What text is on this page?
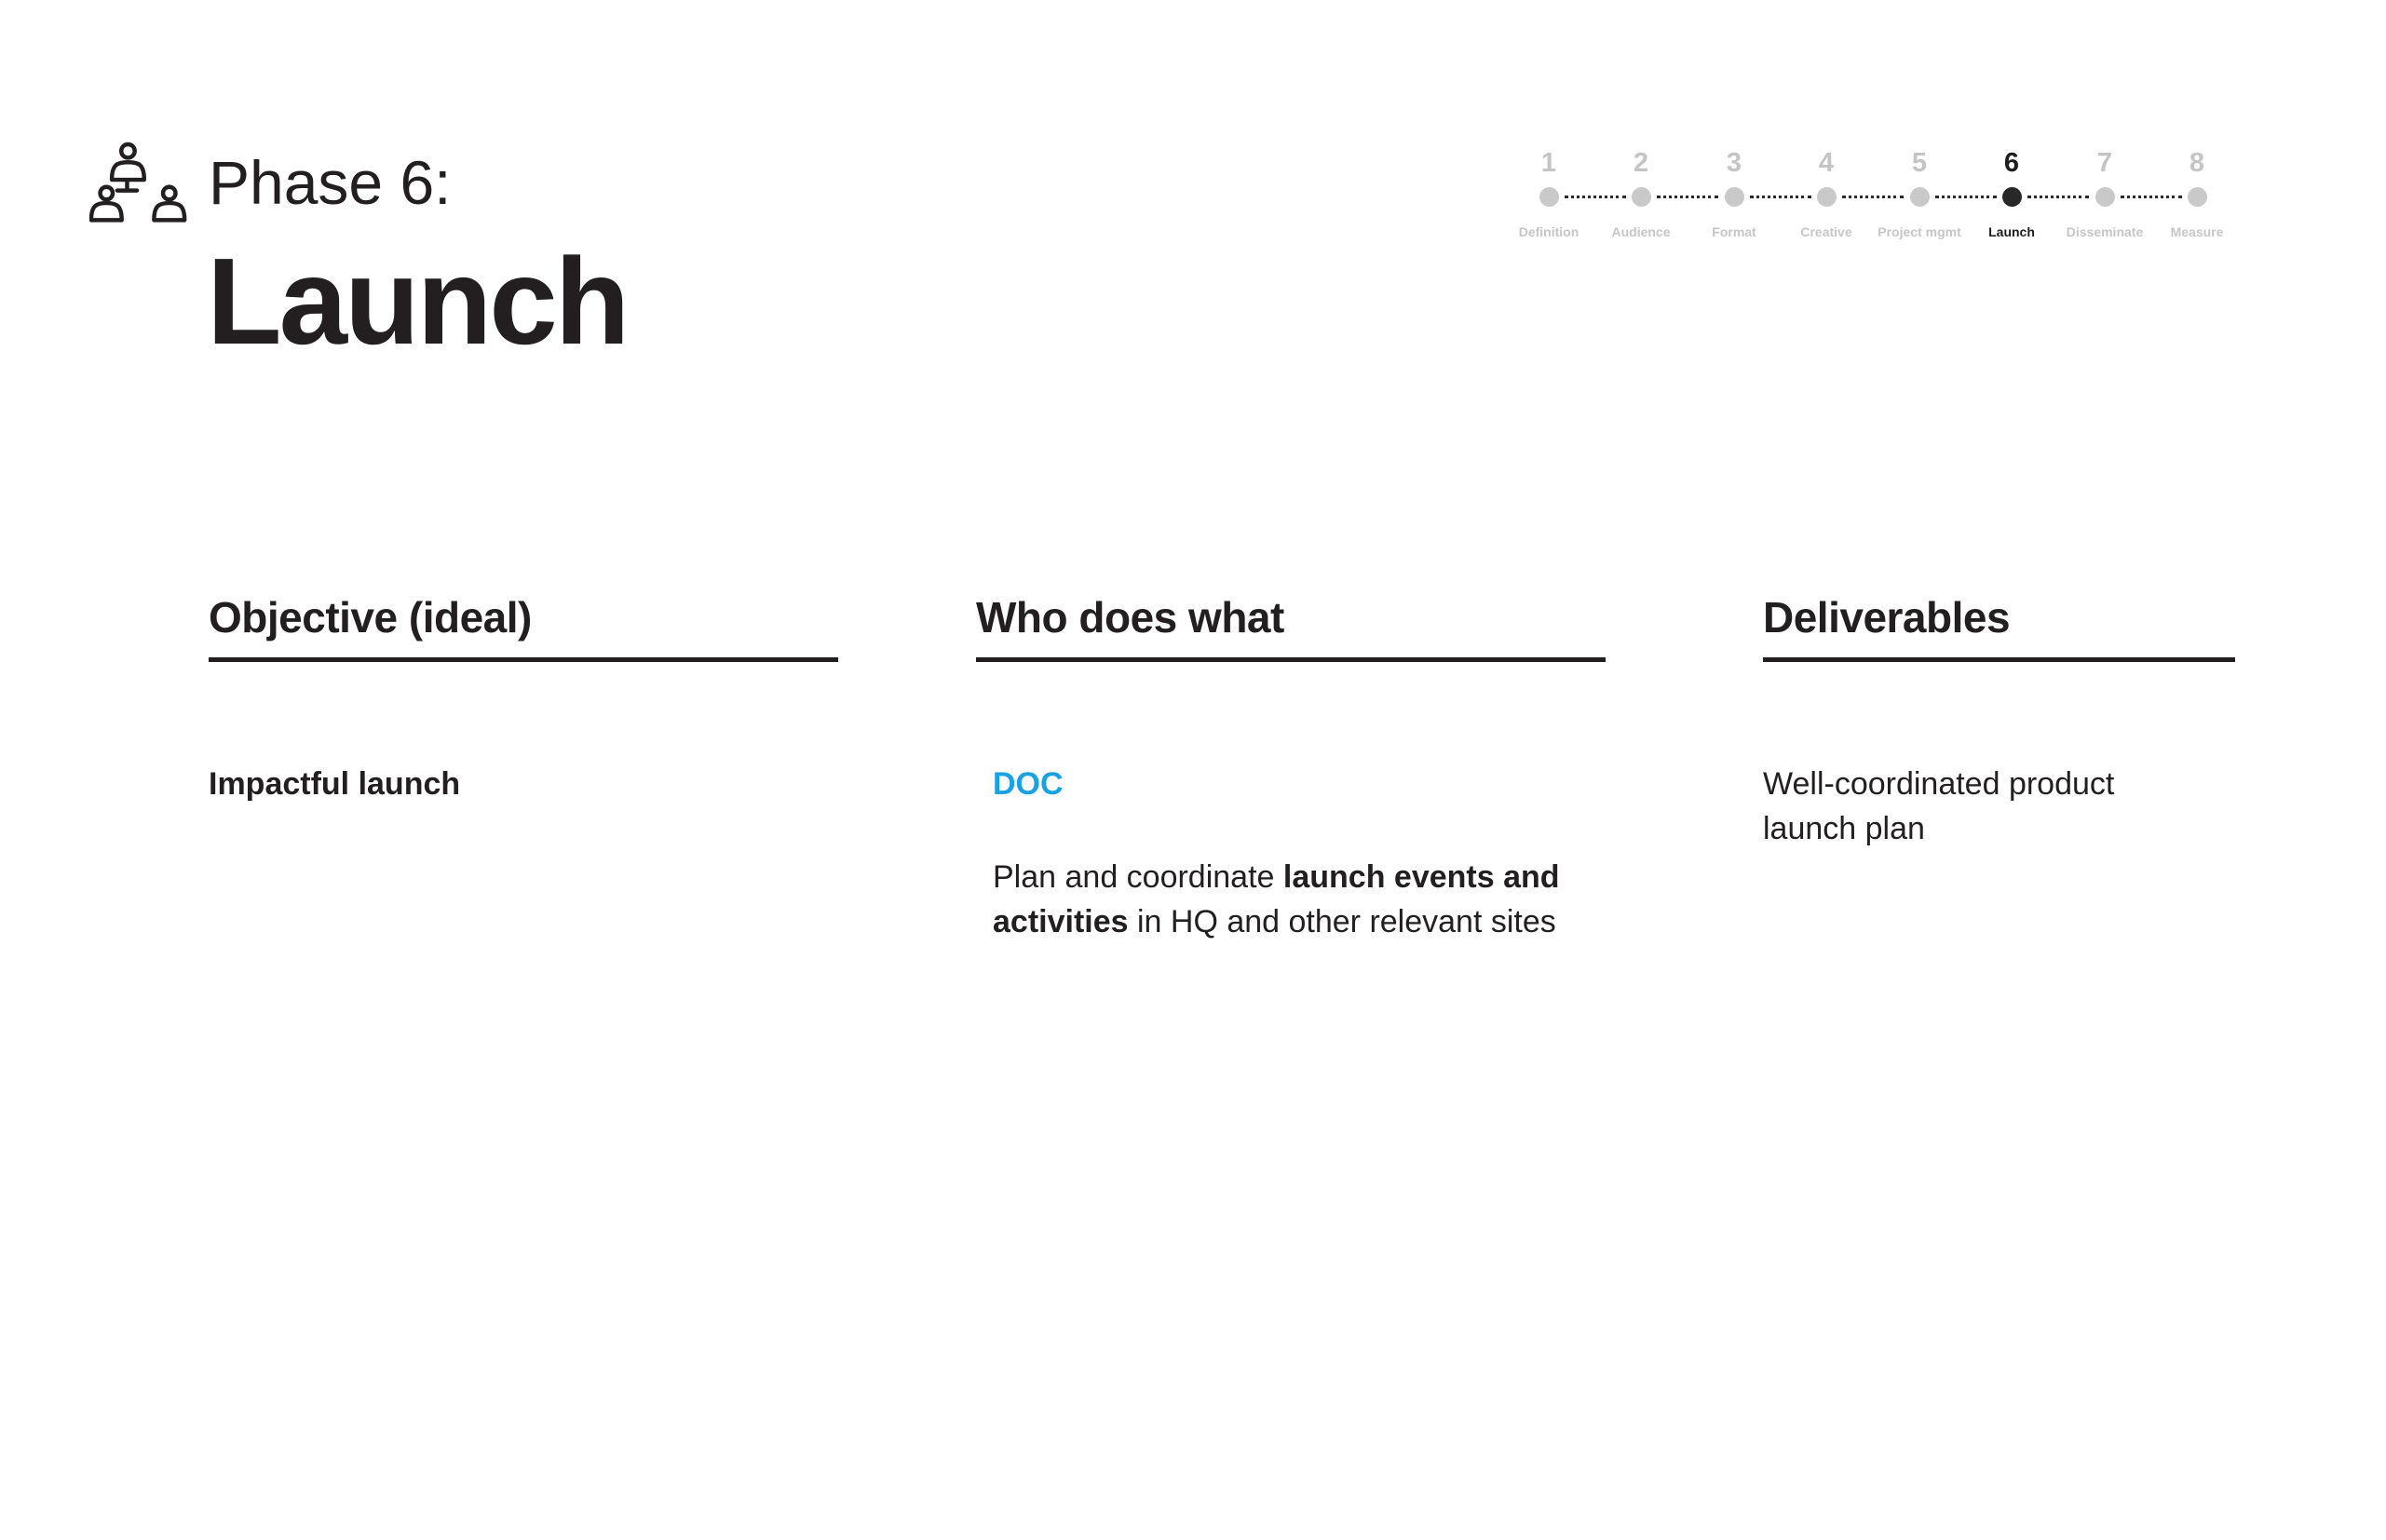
Phase 6:
Launch
1
Definition
2
Audience
3
Format
4
Creative
5
Project mgmt
6
Launch
7
Disseminate
8
Measure
Objective (ideal)
Impactful launch
Who does what
DOC
Plan and coordinate launch events and activities in HQ and other relevant sites
Deliverables
Well-coordinated product launch plan
